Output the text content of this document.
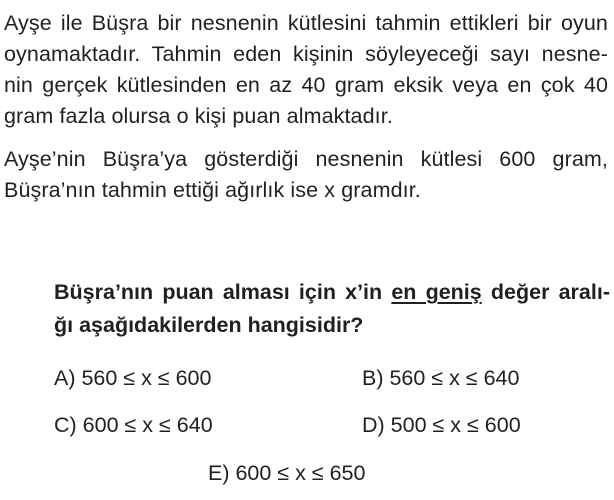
Ayşe ile Büşra bir nesnenin kütlesini tahmin ettikleri bir oyun
oynamaktadır. Tahmin eden kişinin söyleyeceği sayı nesne-
nin gerçek kütlesinden en az 40 gram eksik veya en çok 40
gram fazla olursa o kişi puan almaktadır.
Ayşe’nin Büşra’ya gösterdiği nesnenin kütlesi 600 gram,
Büşra’nın tahmin ettiği ağırlık ise x gramdır.
Büşra’nın puan alması için x’in en geniş değer aralı-
ğı aşağıdakilerden hangisidir?
A) 560 ≤ x ≤ 600	B) 560 ≤ x ≤ 640
C) 600 ≤ x ≤ 640	D) 500 ≤ x ≤ 600
E) 600 ≤ x ≤ 650
